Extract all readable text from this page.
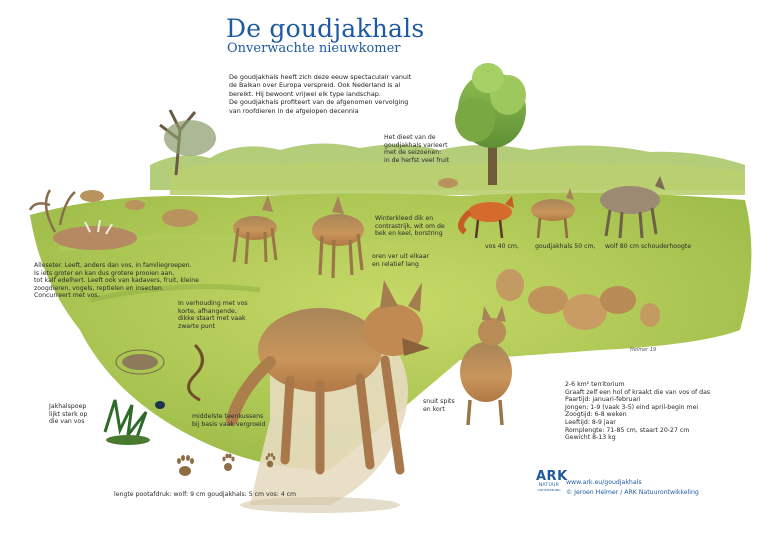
De goudjakhals
Onverwachte nieuwkomer
De goudjakhals heeft zich deze eeuw spectaculair vanuit
de Balkan over Europa verspreid. Ook Nederland is al
bereikt. Hij bewoont vrijwel elk type landschap.
De goudjakhals profiteert van de afgenomen vervolging
van roofdieren in de afgelopen decennia
Het dieet van de
goudjakhals varieert
met de seizoenen:
in de herfst veel fruit
Winterkleed dik en
contrastrijk, wit om de
bek en keel, borstring
vos 40 cm,	goudjakhals 50 cm, wolf 80 cm schouderhoogte
oren ver uit elkaar
en relatief lang
Alleseter. Leeft, anders dan vos, in familiegroepen.
Is iets groter en kan dus grotere prooien aan,
tot kalf edelhert. Leeft ook van kadavers, fruit, kleine
zoogdieren, vogels, reptielen en insecten.
Concurreert met vos.
In verhouding met vos
korte, afhangende,
dikke staart met vaak
zwarte punt
snuit spits
en kort
Jakhalspoep
lijkt sterk op
die van vos
middelste teenkussens
bij basis vaak vergroeid
lengte pootafdruk: wolf: 9 cm goudjakhals: 5 cm vos: 4 cm
2-6 km² territorium
Graaft zelf een hol of kraakt die van vos of das
Paartijd: januari-februari
Jongen: 1-9 (vaak 3-5) eind april-begin mei
Zoogtijd: 6-8 weken
Leeftijd: 8-9 jaar
Romplengte: 71-85 cm, staart 20-27 cm
Gewicht 8-13 kg
Helmer 19
ARK
NATUUR
ONTWIKKELING
www.ark.eu/goudjakhals
© Jeroen Helmer / ARK Natuurontwikkeling
